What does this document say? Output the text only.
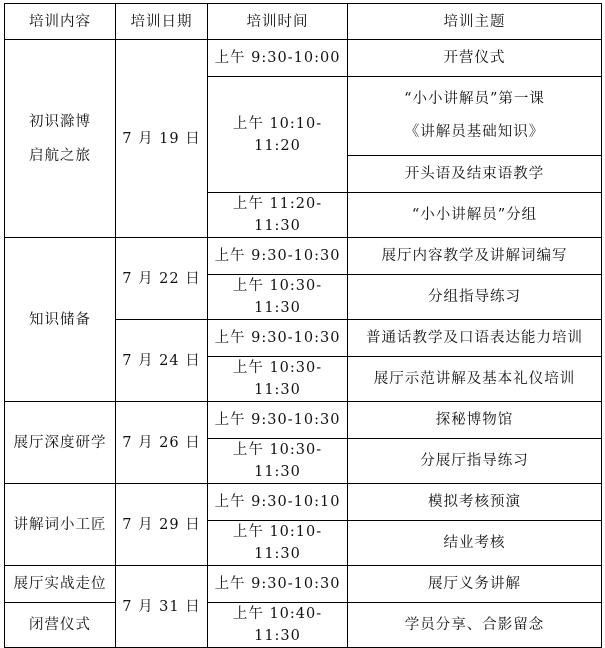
培训内容	培训日期	培训时间	培训主题
初识滁博
启航之旅	7 月 19 日	上午 9:30-10:00	开营仪式
		上午 10:10-11:20	“小小讲解员”第一课
《讲解员基础知识》
			开头语及结束语教学
		上午 11:20-11:30	“小小讲解员”分组
知识储备	7 月 22 日	上午 9:30-10:30	展厅内容教学及讲解词编写
		上午 10:30-11:30	分组指导练习
	7 月 24 日	上午 9:30-10:30	普通话教学及口语表达能力培训
		上午 10:30-11:30	展厅示范讲解及基本礼仪培训
展厅深度研学	7 月 26 日	上午 9:30-10:30	探秘博物馆
		上午 10:30-11:30	分展厅指导练习
讲解词小工匠	7 月 29 日	上午 9:30-10:10	模拟考核预演
		上午 10:10-11:30	结业考核
展厅实战走位	7 月 31 日	上午 9:30-10:30	展厅义务讲解
闭营仪式		上午 10:40-11:30	学员分享、合影留念
